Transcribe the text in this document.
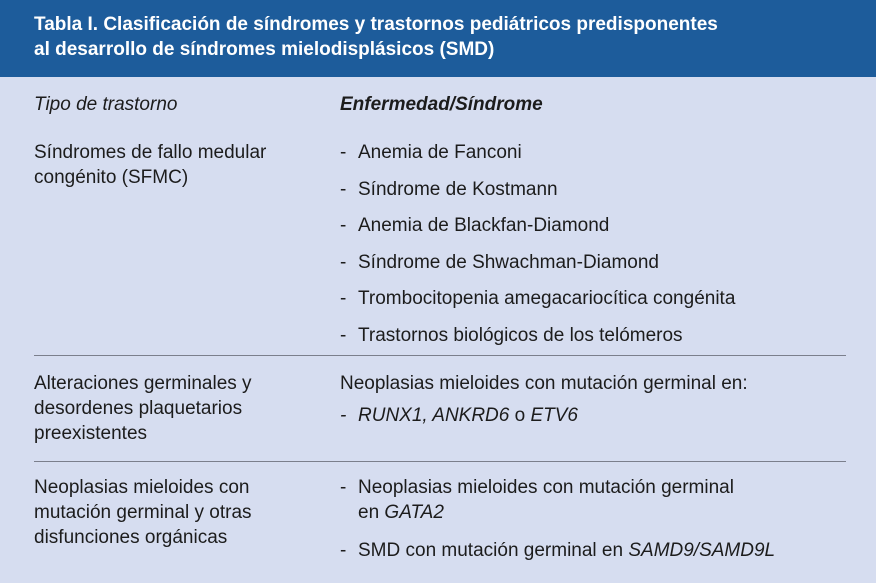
Tabla I. Clasificación de síndromes y trastornos pediátricos predisponentes
al desarrollo de síndromes mielodisplásicos (SMD)
Tipo de trastorno	Enfermedad/Síndrome
Síndromes de fallo medular
congénito (SFMC)
- Anemia de Fanconi
- Síndrome de Kostmann
- Anemia de Blackfan-Diamond
- Síndrome de Shwachman-Diamond
- Trombocitopenia amegacariocítica congénita
- Trastornos biológicos de los telómeros
Alteraciones germinales y
desordenes plaquetarios
preexistentes
Neoplasias mieloides con mutación germinal en:
- RUNX1, ANKRD6 o ETV6
Neoplasias mieloides con
mutación germinal y otras
disfunciones orgánicas
- Neoplasias mieloides con mutación germinal
en GATA2
- SMD con mutación germinal en SAMD9/SAMD9L
